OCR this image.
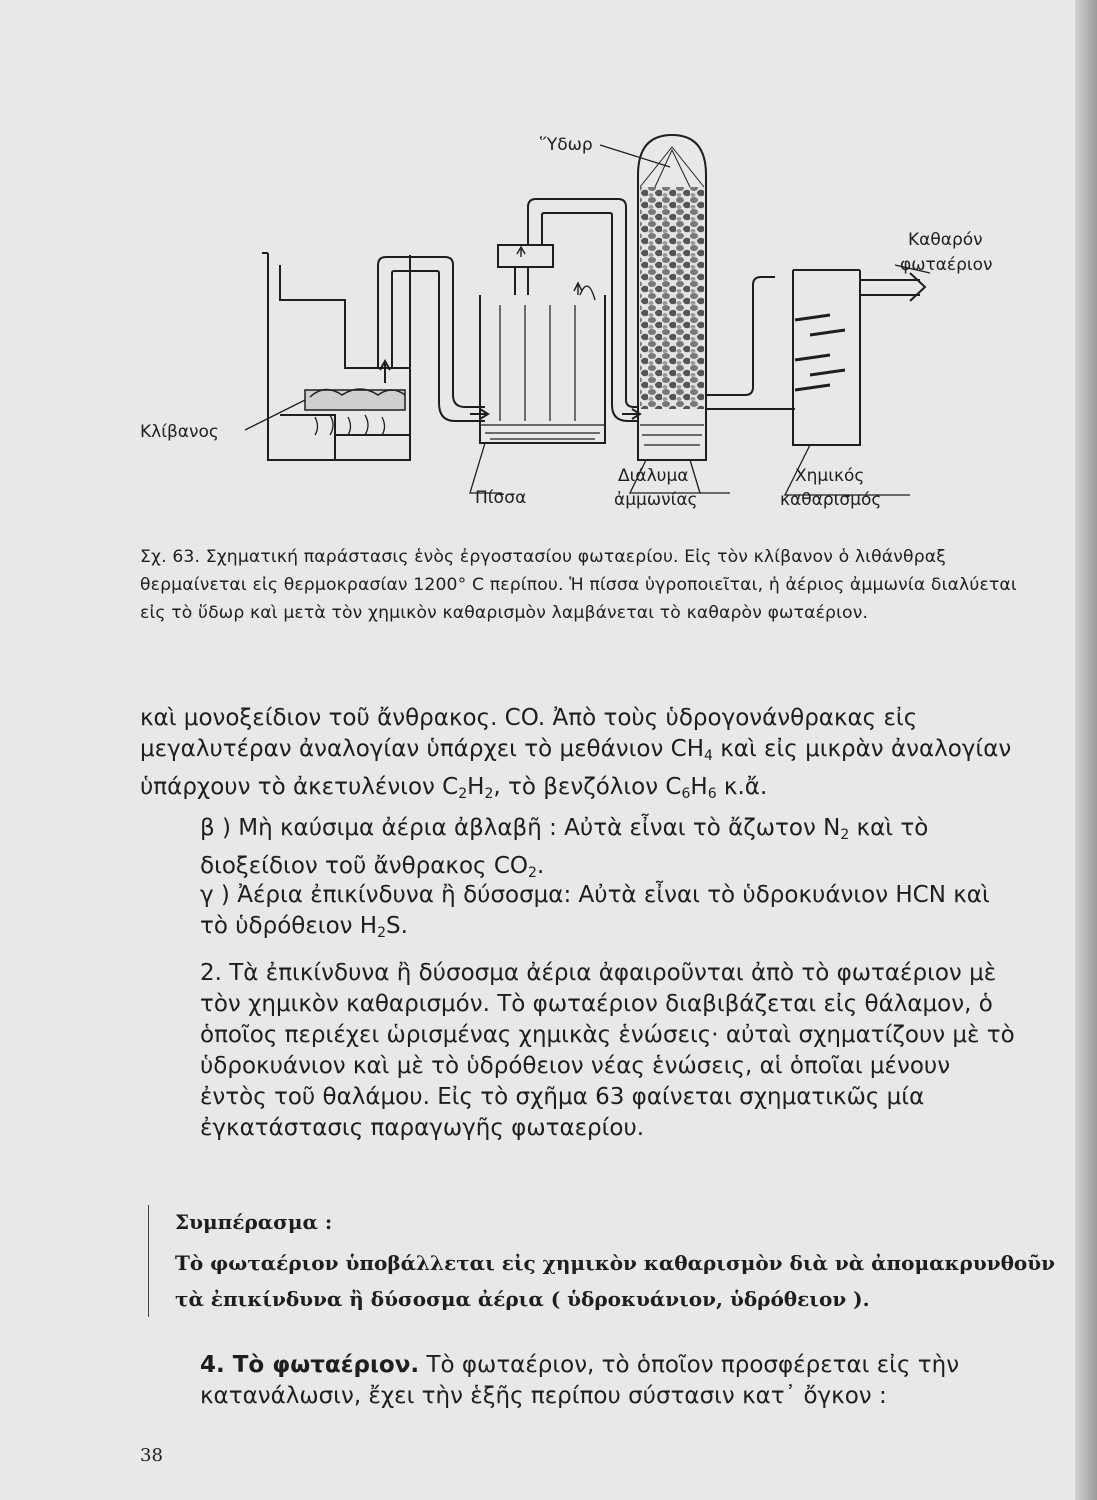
Ὕδωρ
Καθαρόν
φωταέριον
Κλίβανος
Πίσσα
Διάλυμα
ἀμμωνίας
Χημικός
καθαρισμός
Σχ. 63. Σχηματική παράστασις ἑνὸς ἐργοστασίου φωταερίου. Εἰς τὸν κλίβανον ὁ λιθάνθραξ θερμαίνεται εἰς θερμοκρασίαν 1200° C περίπου. Ἡ πίσσα ὑγροποιεῖται, ἡ ἀέριος ἀμμωνία διαλύεται εἰς τὸ ὕδωρ καὶ μετὰ τὸν χημικὸν καθαρισμὸν λαμβάνεται τὸ καθαρὸν φωταέριον.

καὶ μονοξείδιον τοῦ ἄνθρακος. CO. Ἀπὸ τοὺς ὑδρογονάνθρακας εἰς μεγαλυτέραν ἀναλογίαν ὑπάρχει τὸ μεθάνιον $CH_4$ καὶ εἰς μικρὰν ἀναλογίαν ὑπάρχουν τὸ ἀκετυλένιον $C_2H_2$, τὸ βενζόλιον $C_6H_6$ κ.ἄ.

β ) Μὴ καύσιμα ἀέρια ἀβλαβῆ : Αὐτὰ εἶναι τὸ ἄζωτον $N_2$ καὶ τὸ διοξείδιον τοῦ ἄνθρακος $CO_2$.

γ ) Ἀέρια ἐπικίνδυνα ἢ δύσοσμα: Αὐτὰ εἶναι τὸ ὑδροκυάνιον HCN καὶ τὸ ὑδρόθειον $H_2S$.

2. Τὰ ἐπικίνδυνα ἢ δύσοσμα ἀέρια ἀφαιροῦνται ἀπὸ τὸ φωταέριον μὲ τὸν χημικὸν καθαρισμόν. Τὸ φωταέριον διαβιβάζεται εἰς θάλαμον, ὁ ὁποῖος περιέχει ὡρισμένας χημικὰς ἑνώσεις· αὐταὶ σχηματίζουν μὲ τὸ ὑδροκυάνιον καὶ μὲ τὸ ὑδρόθειον νέας ἑνώσεις, αἱ ὁποῖαι μένουν ἐντὸς τοῦ θαλάμου. Εἰς τὸ σχῆμα 63 φαίνεται σχηματικῶς μία ἐγκατάστασις παραγωγῆς φωταερίου.

Συμπέρασμα :
Τὸ φωταέριον ὑποβάλλεται εἰς χημικὸν καθαρισμὸν διὰ νὰ ἀπομακρυνθοῦν τὰ ἐπικίνδυνα ἢ δύσοσμα ἀέρια ( ὑδροκυάνιον, ὑδρόθειον ).

4. Τὸ φωταέριον. Τὸ φωταέριον, τὸ ὁποῖον προσφέρεται εἰς τὴν κατανάλωσιν, ἔχει τὴν ἑξῆς περίπου σύστασιν κατ᾽ ὄγκον :

38
